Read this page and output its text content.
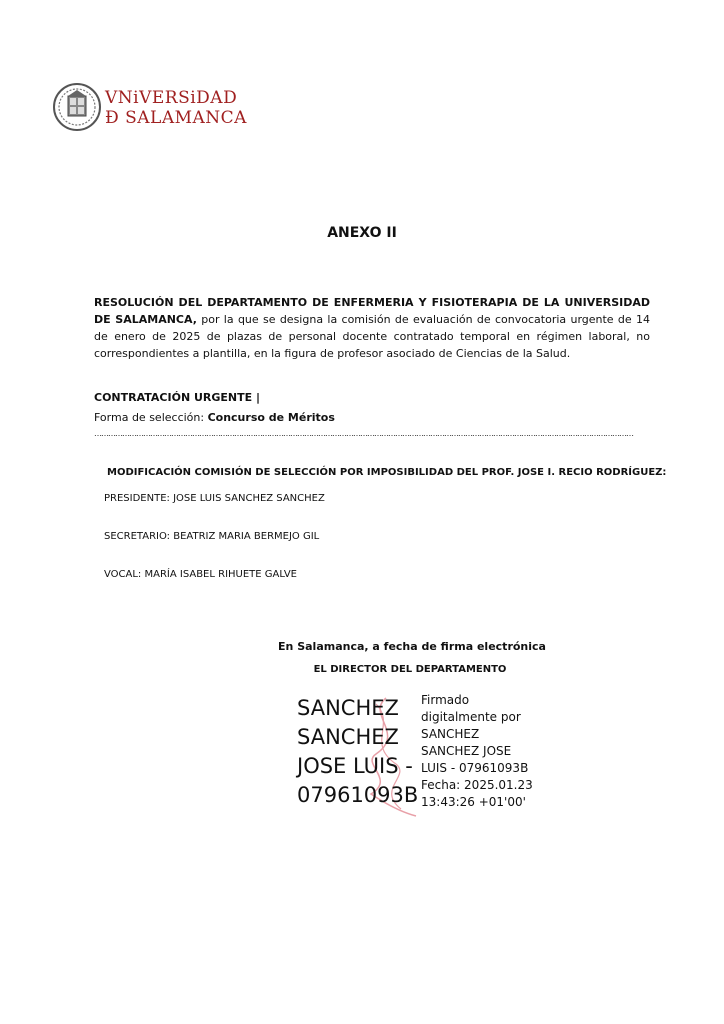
VNiVERSiDAD
Đ SALAMANCA
ANEXO II
RESOLUCIÓN DEL DEPARTAMENTO DE ENFERMERIA Y FISIOTERAPIA DE LA UNIVERSIDAD DE SALAMANCA, por la que se designa la comisión de evaluación de convocatoria urgente de 14 de enero de 2025 de plazas de personal docente contratado temporal en régimen laboral, no correspondientes a plantilla, en la figura de profesor asociado de Ciencias de la Salud.
CONTRATACIÓN URGENTE |
Forma de selección: Concurso de Méritos
……………………………………………………………………………………………………………………………………………………………………………………………………………
MODIFICACIÓN COMISIÓN DE SELECCIÓN POR IMPOSIBILIDAD DEL PROF. JOSE I. RECIO RODRÍGUEZ:
PRESIDENTE: JOSE LUIS SANCHEZ SANCHEZ
SECRETARIO: BEATRIZ MARIA BERMEJO GIL
VOCAL: MARÍA ISABEL RIHUETE GALVE
En Salamanca, a fecha de firma electrónica
EL DIRECTOR DEL DEPARTAMENTO
SANCHEZ
SANCHEZ
JOSE LUIS -
07961093B
Firmado
digitalmente por
SANCHEZ
SANCHEZ JOSE
LUIS - 07961093B
Fecha: 2025.01.23
13:43:26 +01'00'
